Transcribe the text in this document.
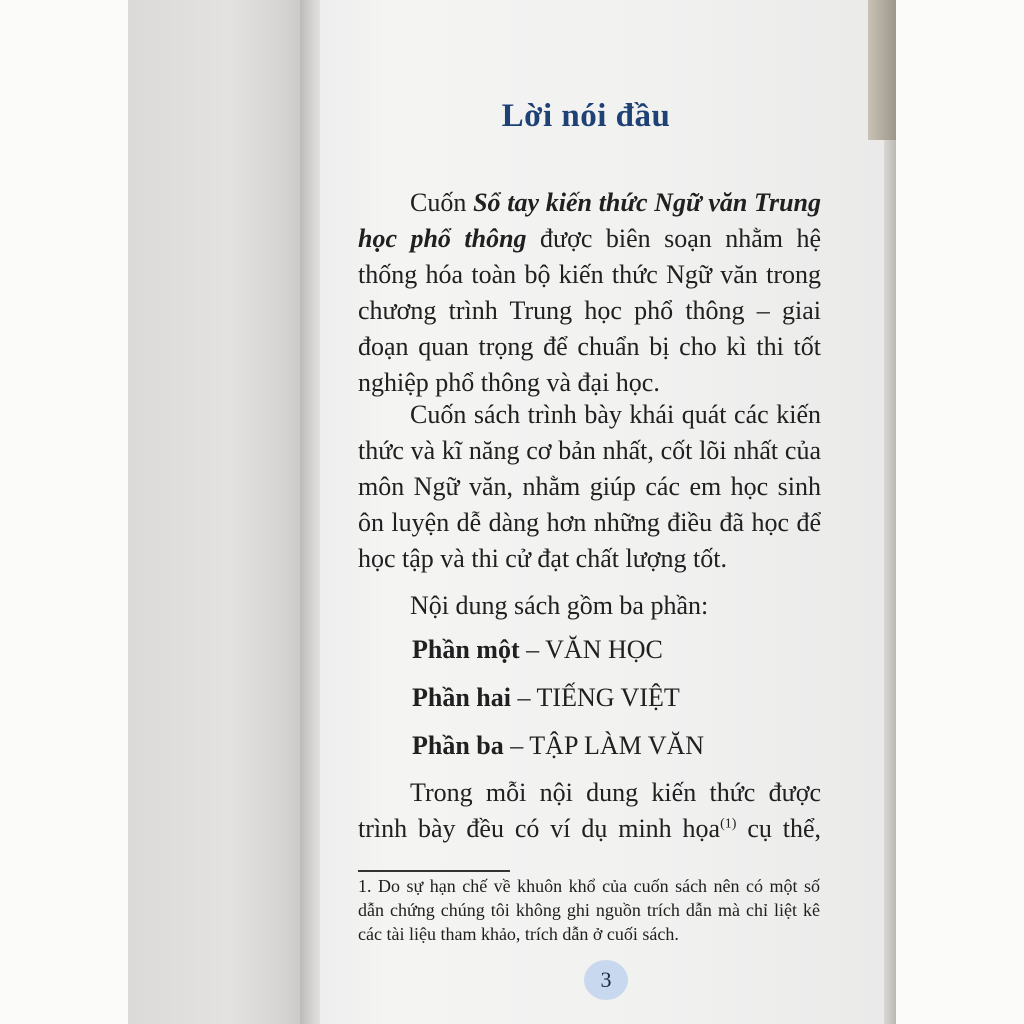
Lời nói đầu

Cuốn Sổ tay kiến thức Ngữ văn Trung học phổ thông được biên soạn nhằm hệ thống hóa toàn bộ kiến thức Ngữ văn trong chương trình Trung học phổ thông – giai đoạn quan trọng để chuẩn bị cho kì thi tốt nghiệp phổ thông và đại học.

Cuốn sách trình bày khái quát các kiến thức và kĩ năng cơ bản nhất, cốt lõi nhất của môn Ngữ văn, nhằm giúp các em học sinh ôn luyện dễ dàng hơn những điều đã học để học tập và thi cử đạt chất lượng tốt.

Nội dung sách gồm ba phần:

Phần một – VĂN HỌC
Phần hai – TIẾNG VIỆT
Phần ba – TẬP LÀM VĂN

Trong mỗi nội dung kiến thức được trình bày đều có ví dụ minh họa$^{(1)}$ cụ thể,

1. Do sự hạn chế về khuôn khổ của cuốn sách nên có một số dẫn chứng chúng tôi không ghi nguồn trích dẫn mà chỉ liệt kê các tài liệu tham khảo, trích dẫn ở cuối sách.

3
